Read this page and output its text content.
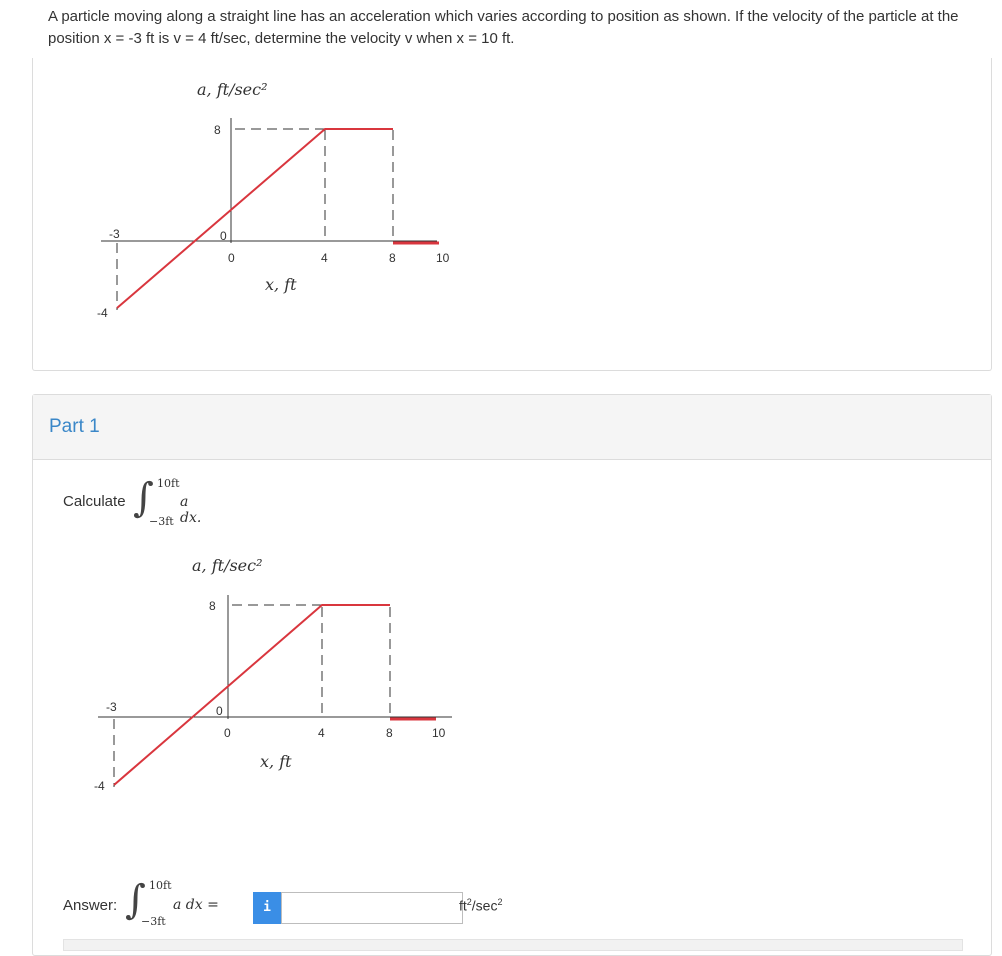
A particle moving along a straight line has an acceleration which varies according to position as shown. If the velocity of the particle at the position x = -3 ft is v = 4 ft/sec, determine the velocity v when x = 10 ft.

a, ft/sec²
8
0
-3
-4
0	4	8	10
x, ft
Part 1
Calculate ∫ 10ft
−3ft
a dx.
a, ft/sec²
8
0
-3
-4
0	4	8	10
x, ft
Answer: ∫ 10ft
−3ft
a dx =	i	$ft^2/\sec^2$
